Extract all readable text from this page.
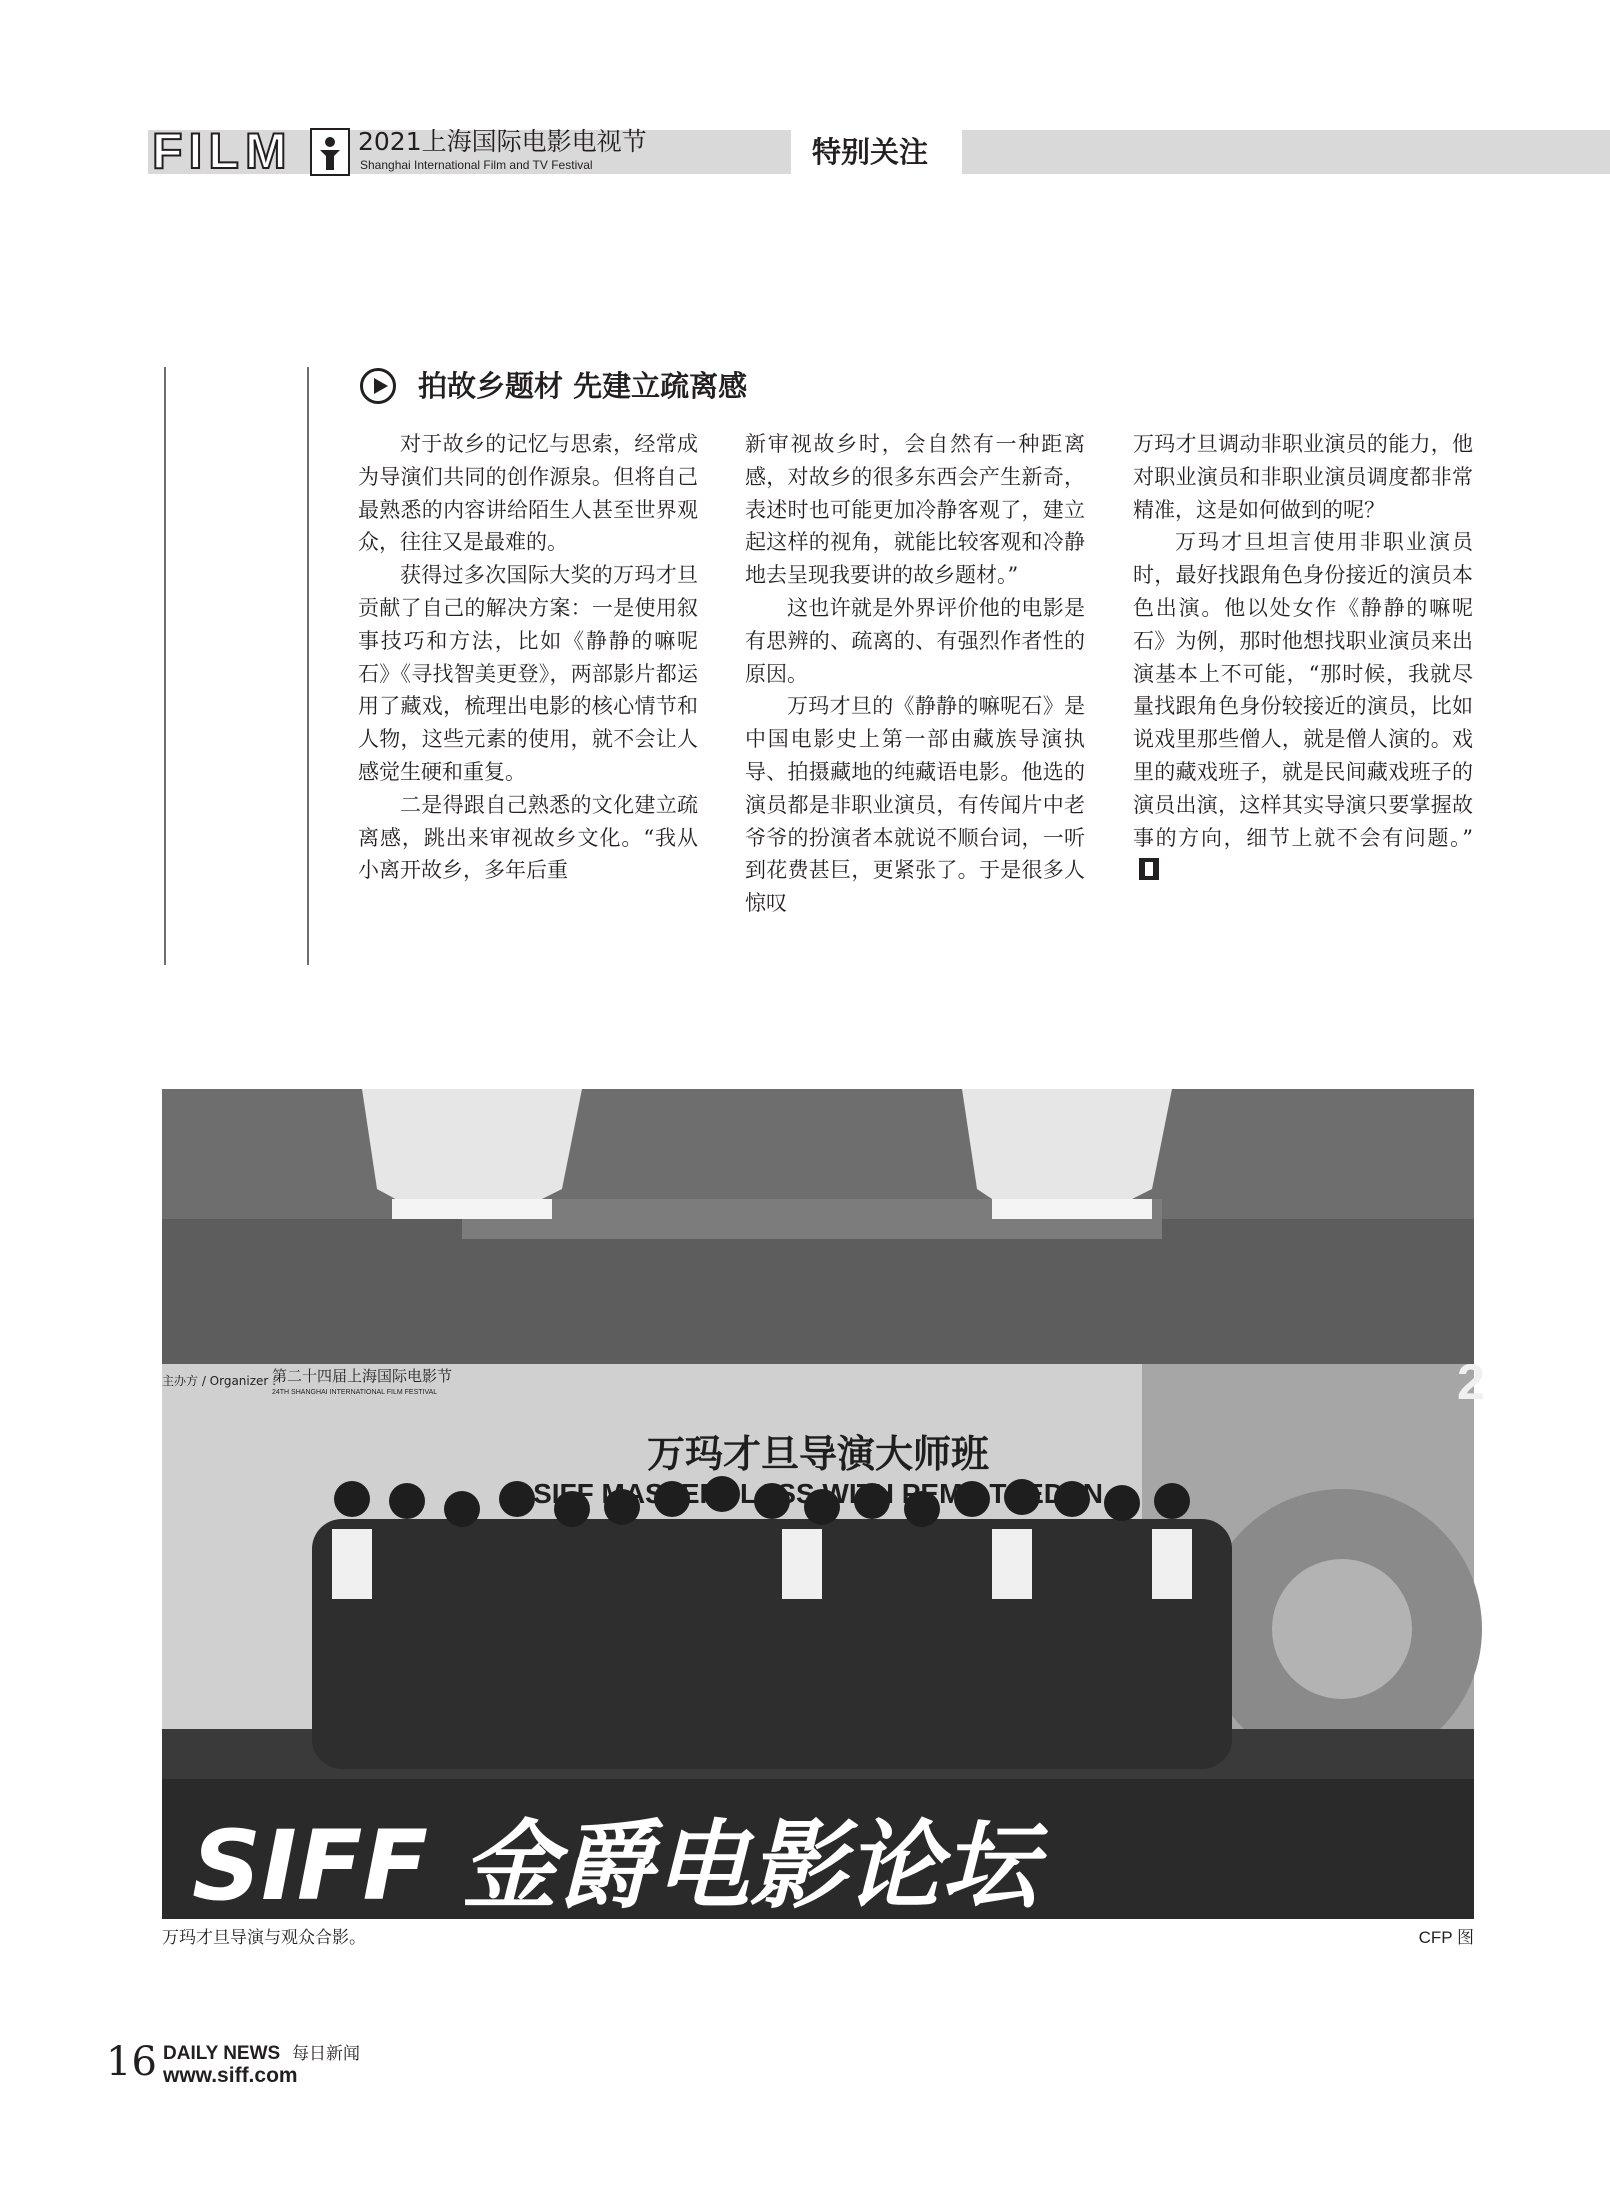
FILM	2021上海国际电影电视节
Shanghai International Film and TV Festival	特别关注
拍故乡题材 先建立疏离感

对于故乡的记忆与思索，经常成为导演们共同的创作源泉。但将自己最熟悉的内容讲给陌生人甚至世界观众，往往又是最难的。

获得过多次国际大奖的万玛才旦贡献了自己的解决方案：一是使用叙事技巧和方法，比如《静静的嘛呢石》《寻找智美更登》，两部影片都运用了藏戏，梳理出电影的核心情节和人物，这些元素的使用，就不会让人感觉生硬和重复。

二是得跟自己熟悉的文化建立疏离感，跳出来审视故乡文化。“我从小离开故乡，多年后重

新审视故乡时，会自然有一种距离感，对故乡的很多东西会产生新奇，表述时也可能更加冷静客观了，建立起这样的视角，就能比较客观和冷静地去呈现我要讲的故乡题材。”

这也许就是外界评价他的电影是有思辨的、疏离的、有强烈作者性的原因。

万玛才旦的《静静的嘛呢石》是中国电影史上第一部由藏族导演执导、拍摄藏地的纯藏语电影。他选的演员都是非职业演员，有传闻片中老爷爷的扮演者本就说不顺台词，一听到花费甚巨，更紧张了。于是很多人惊叹

万玛才旦调动非职业演员的能力，他对职业演员和非职业演员调度都非常精准，这是如何做到的呢？

万玛才旦坦言使用非职业演员时，最好找跟角色身份接近的演员本色出演。他以处女作《静静的嘛呢石》为例，那时他想找职业演员来出演基本上不可能，“那时候，我就尽量找跟角色身份较接近的演员，比如说戏里那些僧人，就是僧人演的。戏里的藏戏班子，就是民间藏戏班子的演员出演，这样其实导演只要掌握故事的方向，细节上就不会有问题。”

主办方 / Organizer :
第二十四届上海国际电影节
24TH SHANGHAI INTERNATIONAL FILM FESTIVAL
万玛才旦导演大师班
SIFF MASTERCLASS WITH PEMA TSEDEN
2
SIFF 金爵电影论坛
万玛才旦导演与观众合影。	CFP 图
16 DAILY NEWS 每日新闻
www.siff.com
